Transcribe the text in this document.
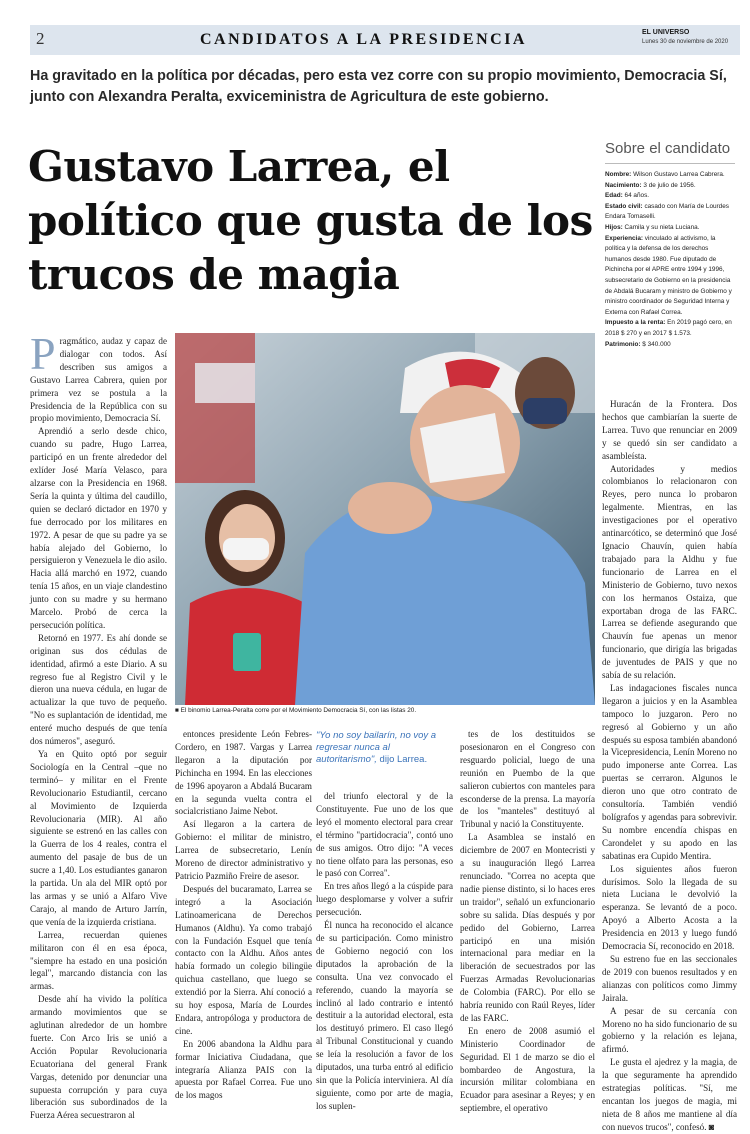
2	CANDIDATOS A LA PRESIDENCIA	EL UNIVERSO
Lunes 30 de noviembre de 2020
Ha gravitado en la política por décadas, pero esta vez corre con su propio movimiento, Democracia Sí, junto con Alexandra Peralta, exviceministra de Agricultura de este gobierno.
Gustavo Larrea, el político que gusta de los trucos de magia
Sobre el candidato
Nombre: Wilson Gustavo Larrea Cabrera.
Nacimiento: 3 de julio de 1956.
Edad: 64 años.
Estado civil: casado con María de Lourdes Endara Tomaselli.
Hijos: Camila y su nieta Luciana.
Experiencia: vinculado al activismo, la política y la defensa de los derechos humanos desde 1980. Fue diputado de Pichincha por el APRE entre 1994 y 1996, subsecretario de Gobierno en la presidencia de Abdalá Bucaram y ministro de Gobierno y ministro coordinador de Seguridad Interna y Externa con Rafael Correa.
Impuesto a la renta: En 2019 pagó cero, en 2018 $ 270 y en 2017 $ 1.573.
Patrimonio: $ 340.000

Pragmático, audaz y capaz de dialogar con todos. Así describen sus amigos a Gustavo Larrea Cabrera, quien por primera vez se postula a la Presidencia de la República con su propio movimiento, Democracia Sí.

Aprendió a serlo desde chico, cuando su padre, Hugo Larrea, participó en un frente alrededor del exlíder José María Velasco, para alzarse con la Presidencia en 1968. Sería la quinta y última del caudillo, quien se declaró dictador en 1970 y fue derrocado por los militares en 1972. A pesar de que su padre ya se había alejado del Gobierno, lo persiguieron y Venezuela le dio asilo. Hacia allá marchó en 1972, cuando tenía 15 años, en un viaje clandestino junto con su madre y su hermano Marcelo. Probó de cerca la persecución política.

Retornó en 1977. Es ahí donde se originan sus dos cédulas de identidad, afirmó a este Diario. A su regreso fue al Registro Civil y le dieron una nueva cédula, en lugar de actualizar la que tuvo de pequeño. "No es suplantación de identidad, me enteré mucho después de que tenía dos números", aseguró.

Ya en Quito optó por seguir Sociología en la Central –que no terminó– y militar en el Frente Revolucionario Estudiantil, cercano al Movimiento de Izquierda Revolucionaria (MIR). Al año siguiente se estrenó en las calles con la Guerra de los 4 reales, contra el aumento del pasaje de bus de un sucre a 1,40. Los estudiantes ganaron la partida. Un ala del MIR optó por las armas y se unió a Alfaro Vive Carajo, al mando de Arturo Jarrín, que venía de la izquierda cristiana.

Larrea, recuerdan quienes militaron con él en esa época, "siempre ha estado en una posición legal", marcando distancia con las armas.

Desde ahí ha vivido la política armando movimientos que se aglutinan alrededor de un hombre fuerte. Con Arco Iris se unió a Acción Popular Revolucionaria Ecuatoriana del general Frank Vargas, detenido por denunciar una supuesta corrupción y para cuya liberación sus subordinados de la Fuerza Aérea secuestraron al

■ El binomio Larrea-Peralta corre por el Movimiento Democracia Sí, con las listas 20.

entonces presidente León Febres-Cordero, en 1987. Vargas y Larrea llegaron a la diputación por Pichincha en 1994. En las elecciones de 1996 apoyaron a Abdalá Bucaram en la segunda vuelta contra el socialcristiano Jaime Nebot.

Así llegaron a la cartera de Gobierno: el militar de ministro, Larrea de subsecretario, Lenín Moreno de director administrativo y Patricio Pazmiño Freire de asesor.

Después del bucaramato, Larrea se integró a la Asociación Latinoamericana de Derechos Humanos (Aldhu). Ya como trabajó con la Fundación Esquel que tenía contacto con la Aldhu. Años antes había formado un colegio bilingüe quichua castellano, que luego se extendió por la Sierra. Ahí conoció a su hoy esposa, María de Lourdes Endara, antropóloga y productora de cine.

En 2006 abandona la Aldhu para formar Iniciativa Ciudadana, que integraría Alianza PAIS con la apuesta por Rafael Correa. Fue uno de los magos

"Yo no soy bailarín, no voy a regresar nunca al autoritarismo", dijo Larrea.

del triunfo electoral y de la Constituyente. Fue uno de los que leyó el momento electoral para crear el término "partidocracia", contó uno de sus amigos. Otro dijo: "A veces no tiene olfato para las personas, eso le pasó con Correa".

En tres años llegó a la cúspide para luego desplomarse y volver a sufrir persecución.

Él nunca ha reconocido el alcance de su participación. Como ministro de Gobierno negoció con los diputados la aprobación de la consulta. Una vez convocado el referendo, cuando la mayoría se inclinó al lado contrario e intentó destituir a la autoridad electoral, esta los destituyó primero. El caso llegó al Tribunal Constitucional y cuando se leía la resolución a favor de los diputados, una turba entró al edificio sin que la Policía interviniera. Al día siguiente, como por arte de magia, los suplen-

tes de los destituidos se posesionaron en el Congreso con resguardo policial, luego de una reunión en Puembo de la que salieron cubiertos con manteles para esconderse de la prensa. La mayoría de los "manteles" destituyó al Tribunal y nació la Constituyente.

La Asamblea se instaló en diciembre de 2007 en Montecristi y a su inauguración llegó Larrea renunciado. "Correa no acepta que nadie piense distinto, si lo haces eres un traidor", señaló un exfuncionario sobre su salida. Días después y por pedido del Gobierno, Larrea participó en una misión internacional para mediar en la liberación de secuestrados por las Fuerzas Armadas Revolucionarias de Colombia (FARC). Por ello se habría reunido con Raúl Reyes, líder de las FARC.

En enero de 2008 asumió el Ministerio Coordinador de Seguridad. El 1 de marzo se dio el bombardeo de Angostura, la incursión militar colombiana en Ecuador para asesinar a Reyes; y en septiembre, el operativo

Huracán de la Frontera. Dos hechos que cambiarían la suerte de Larrea. Tuvo que renunciar en 2009 y se quedó sin ser candidato a asambleísta.

Autoridades y medios colombianos lo relacionaron con Reyes, pero nunca lo probaron legalmente. Mientras, en las investigaciones por el operativo antinarcótico, se determinó que José Ignacio Chauvín, quien había trabajado para la Aldhu y fue funcionario de Larrea en el Ministerio de Gobierno, tuvo nexos con los hermanos Ostaiza, que exportaban droga de las FARC. Larrea se defiende asegurando que Chauvín fue apenas un menor funcionario, que dirigía las brigadas de juventudes de PAIS y que no sabía de su relación.

Las indagaciones fiscales nunca llegaron a juicios y en la Asamblea tampoco lo juzgaron. Pero no regresó al Gobierno y un año después su esposa también abandonó la Vicepresidencia, Lenín Moreno no pudo imponerse ante Correa. Las puertas se cerraron. Algunos le dieron uno que otro contrato de consultoría. También vendió bolígrafos y agendas para sobrevivir. Su nombre encendía chispas en Carondelet y su apodo en las sabatinas era Cupido Mentira.

Los siguientes años fueron durísimos. Solo la llegada de su nieta Luciana le devolvió la esperanza. Se levantó de a poco. Apoyó a Alberto Acosta a la Presidencia en 2013 y luego fundó Democracia Sí, reconocido en 2018.

Su estreno fue en las seccionales de 2019 con buenos resultados y en alianzas con políticos como Jimmy Jairala.

A pesar de su cercanía con Moreno no ha sido funcionario de su gobierno y la relación es lejana, afirmó.

Le gusta el ajedrez y la magia, de la que seguramente ha aprendido estrategias políticas. "Sí, me encantan los juegos de magia, mi nieta de 8 años me mantiene al día con nuevos trucos", confesó. ◙
